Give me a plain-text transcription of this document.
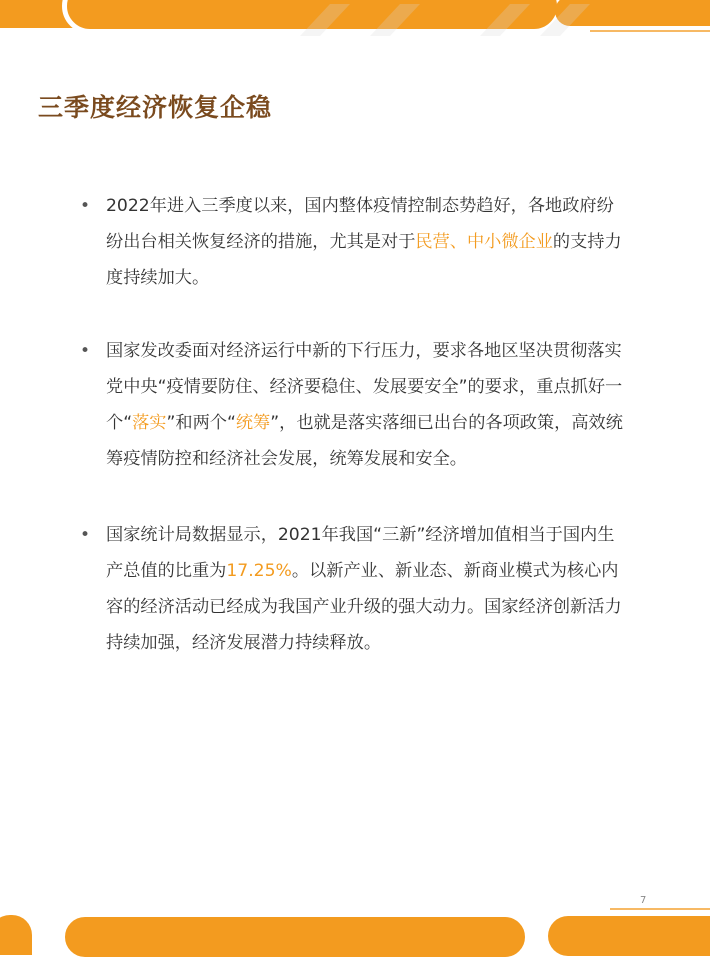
三季度经济恢复企稳
• 2022年进入三季度以来，国内整体疫情控制态势趋好，各地政府纷纷出台相关恢复经济的措施，尤其是对于民营、中小微企业的支持力度持续加大。
• 国家发改委面对经济运行中新的下行压力，要求各地区坚决贯彻落实党中央“疫情要防住、经济要稳住、发展要安全”的要求，重点抓好一个“落实”和两个“统筹”，也就是落实落细已出台的各项政策，高效统筹疫情防控和经济社会发展，统筹发展和安全。
• 国家统计局数据显示，2021年我国“三新”经济增加值相当于国内生产总值的比重为17.25%。以新产业、新业态、新商业模式为核心内容的经济活动已经成为我国产业升级的强大动力。国家经济创新活力持续加强，经济发展潜力持续释放。
7
